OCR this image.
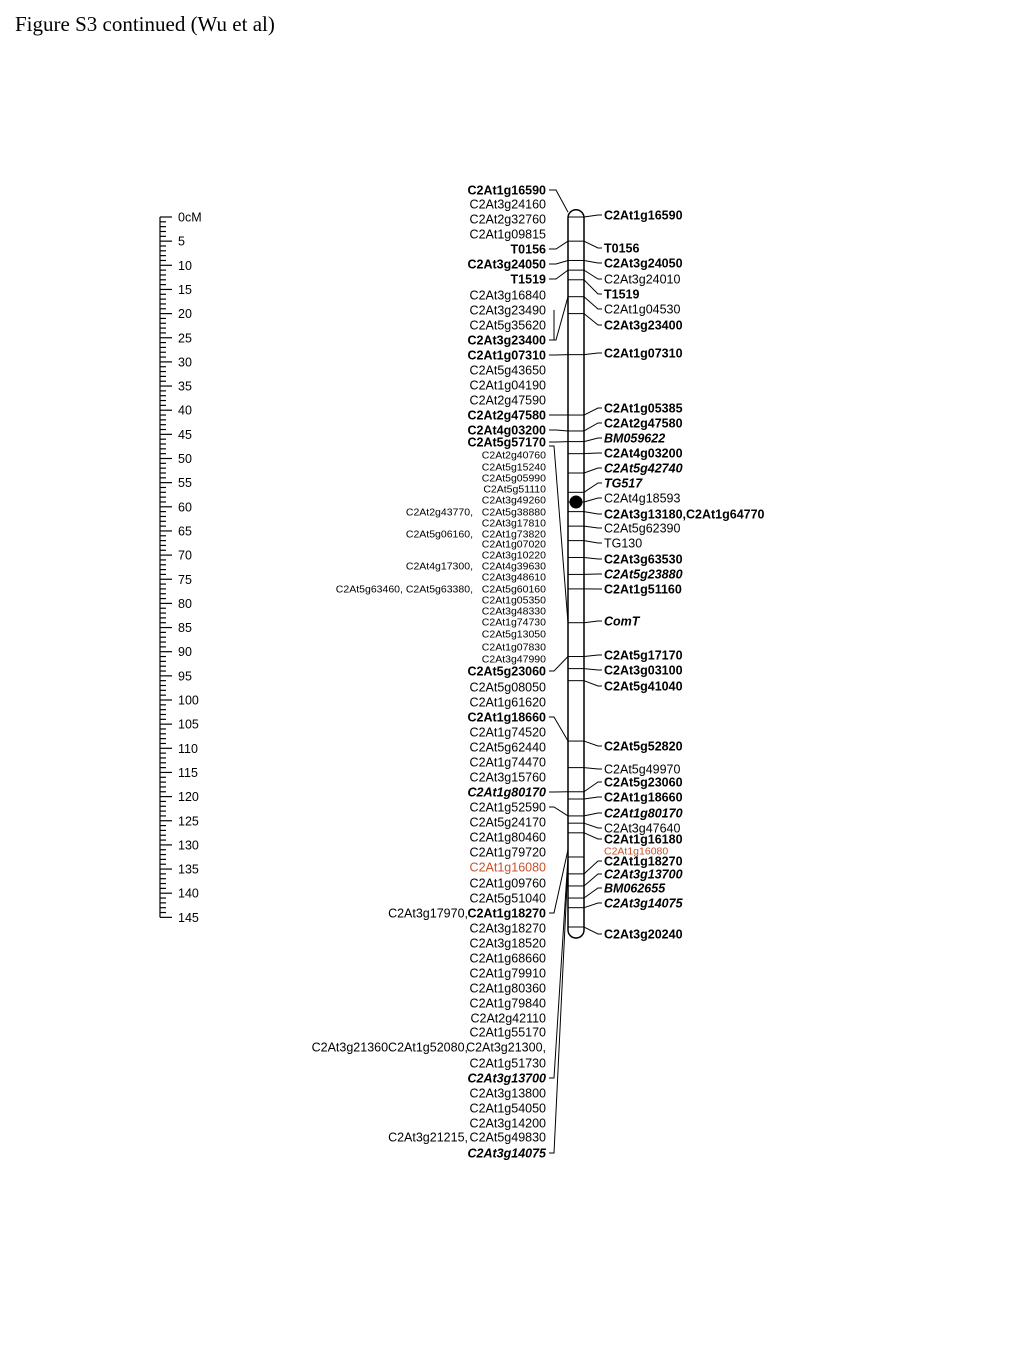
Figure S3 continued (Wu et al)
0cM
5
10
15
20
25
30
35
40
45
50
55
60
65
70
75
80
85
90
95
100
105
110
115
120
125
130
135
140
145
C2At1g16590
C2At3g24160
C2At2g32760
C2At1g09815
T0156
C2At3g24050
T1519
C2At3g16840
C2At3g23490
C2At5g35620
C2At3g23400
C2At1g07310
C2At5g43650
C2At1g04190
C2At2g47590
C2At2g47580
C2At4g03200
C2At5g57170
C2At2g40760
C2At5g15240
C2At5g05990
C2At5g51110
C2At3g49260
C2At5g38880
C2At2g43770,
C2At3g17810
C2At1g73820
C2At5g06160,
C2At1g07020
C2At3g10220
C2At4g39630
C2At4g17300,
C2At3g48610
C2At5g60160
C2At5g63460, C2At5g63380,
C2At1g05350
C2At3g48330
C2At1g74730
C2At5g13050
C2At1g07830
C2At3g47990
C2At5g23060
C2At5g08050
C2At1g61620
C2At1g18660
C2At1g74520
C2At5g62440
C2At1g74470
C2At3g15760
C2At1g80170
C2At1g52590
C2At5g24170
C2At1g80460
C2At1g79720
C2At1g16080
C2At1g09760
C2At5g51040
C2At1g18270
C2At3g17970,
C2At3g18270
C2At3g18520
C2At1g68660
C2At1g79910
C2At1g80360
C2At1g79840
C2At2g42110
C2At1g55170
C2At3g21300,
C2At3g21360C2At1g52080,
C2At1g51730
C2At3g13700
C2At3g13800
C2At1g54050
C2At3g14200
C2At5g49830
C2At3g21215,
C2At3g14075
C2At1g16590
T0156
C2At3g24050
C2At3g24010
T1519
C2At1g04530
C2At3g23400
C2At1g07310
C2At1g05385
C2At2g47580
BM059622
C2At4g03200
C2At5g42740
TG517
C2At4g18593
C2At3g13180,C2At1g64770
C2At5g62390
TG130
C2At3g63530
C2At5g23880
C2At1g51160
ComT
C2At5g17170
C2At3g03100
C2At5g41040
C2At5g52820
C2At5g49970
C2At5g23060
C2At1g18660
C2At1g80170
C2At3g47640
C2At1g16180
C2At1g16080
C2At1g18270
C2At3g13700
BM062655
C2At3g14075
C2At3g20240
